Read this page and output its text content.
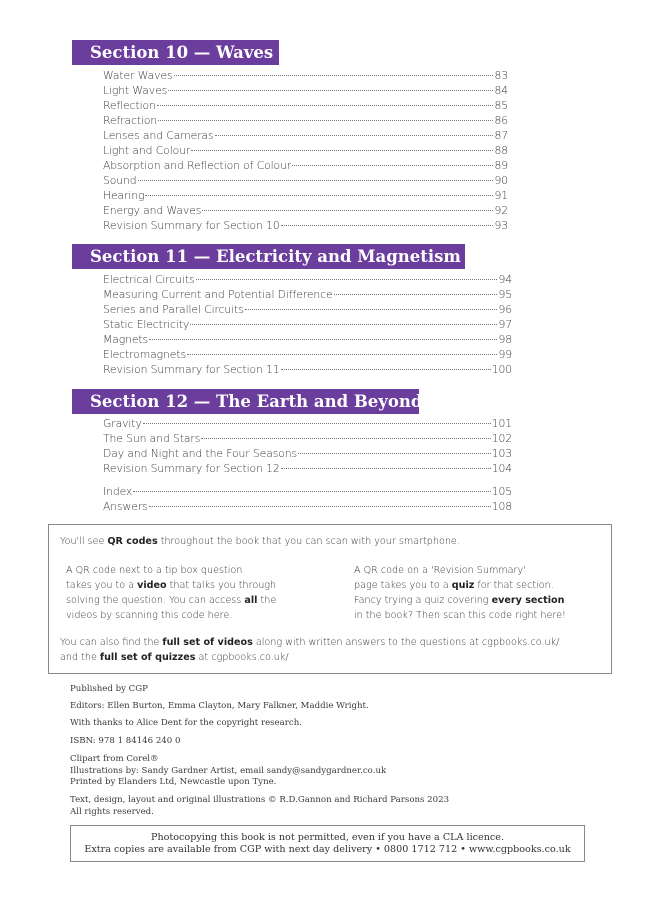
Section 10 — Waves
Water Waves	83
Light Waves	84
Reflection	85
Refraction	86
Lenses and Cameras	87
Light and Colour	88
Absorption and Reflection of Colour	89
Sound	90
Hearing	91
Energy and Waves	92
Revision Summary for Section 10	93
Section 11 — Electricity and Magnetism
Electrical Circuits	94
Measuring Current and Potential Difference	95
Series and Parallel Circuits	96
Static Electricity	97
Magnets	98
Electromagnets	99
Revision Summary for Section 11	100
Section 12 — The Earth and Beyond
Gravity	101
The Sun and Stars	102
Day and Night and the Four Seasons	103
Revision Summary for Section 12	104
Index	105
Answers	108

You'll see QR codes throughout the book that you can scan with your smartphone.

A QR code next to a tip box question
takes you to a video that talks you through
solving the question. You can access all the
videos by scanning this code here.
A QR code on a 'Revision Summary'
page takes you to a quiz for that section.
Fancy trying a quiz covering every section
in the book? Then scan this code right here!
You can also find the full set of videos along with written answers to the questions at cgpbooks.co.uk/
and the full set of quizzes at cgpbooks.co.uk/

Published by CGP

Editors: Ellen Burton, Emma Clayton, Mary Falkner, Maddie Wright.

With thanks to Alice Dent for the copyright research.

ISBN: 978 1 84146 240 0

Clipart from Corel®

Illustrations by: Sandy Gardner Artist, email sandy@sandygardner.co.uk

Printed by Elanders Ltd, Newcastle upon Tyne.

Text, design, layout and original illustrations © R.D.Gannon and Richard Parsons 2023

All rights reserved.

Photocopying this book is not permitted, even if you have a CLA licence.

Extra copies are available from CGP with next day delivery • 0800 1712 712 • www.cgpbooks.co.uk
